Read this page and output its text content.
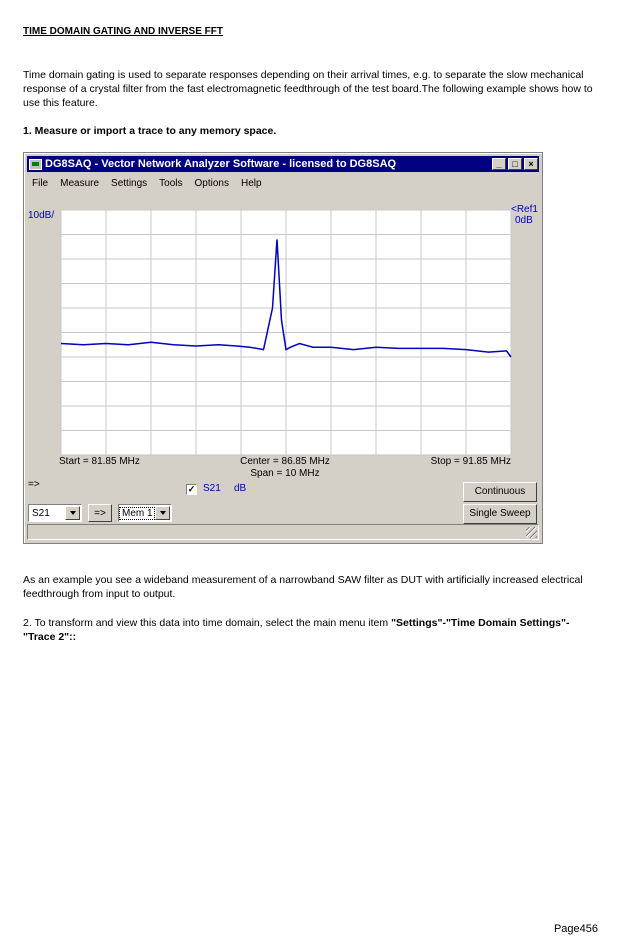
TIME DOMAIN GATING AND INVERSE FFT
Time domain gating is used to separate responses depending on their arrival times, e.g. to separate the slow mechanical response of a crystal filter from the fast electromagnetic feedthrough of the test board.The following example shows how to use this feature.
1. Measure or import a trace to any memory space.
DG8SAQ - Vector Network Analyzer Software - licensed to DG8SAQ	_	□	×
File	Measure	Settings	Tools	Options	Help
10dB/
<Ref1
0dB
Start = 81.85 MHz	Center = 86.85 MHz
Span = 10 MHz
Stop = 91.85 MHz
=>	✓ S21 dB
S21	=>	Mem 1
Continuous
Single Sweep
As an example you see a wideband measurement of a narrowband SAW filter as DUT with artificially increased electrical feedthrough from input to output.
2. To transform and view this data into time domain, select the main menu item "Settings"-"Time Domain Settings"-"Trace 2"::
Page456
